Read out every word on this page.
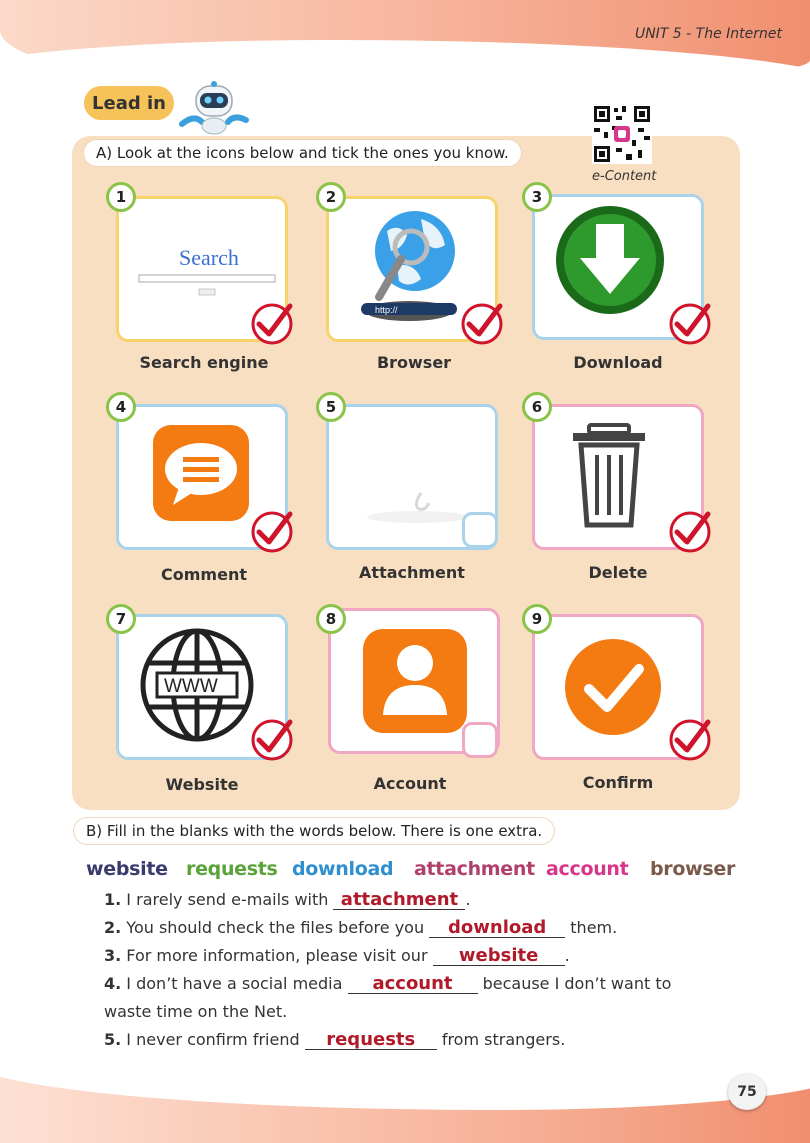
UNIT 5 - The Internet
75
Lead in
e-Content
A) Look at the icons below and tick the ones you know.
Search
1
Search engine
http://
2
Browser
3
Download
4
Comment
5
Attachment
6
Delete
WWW
7
Website
8
Account
9
Confirm
B) Fill in the blanks with the words below. There is one extra.
website requests download attachment account browser
1. I rarely send e-mails with attachment .
2. You should check the files before you download them.
3. For more information, please visit our website .
4. I don’t have a social media account because I don’t want to
waste time on the Net.
5. I never confirm friend requests from strangers.
